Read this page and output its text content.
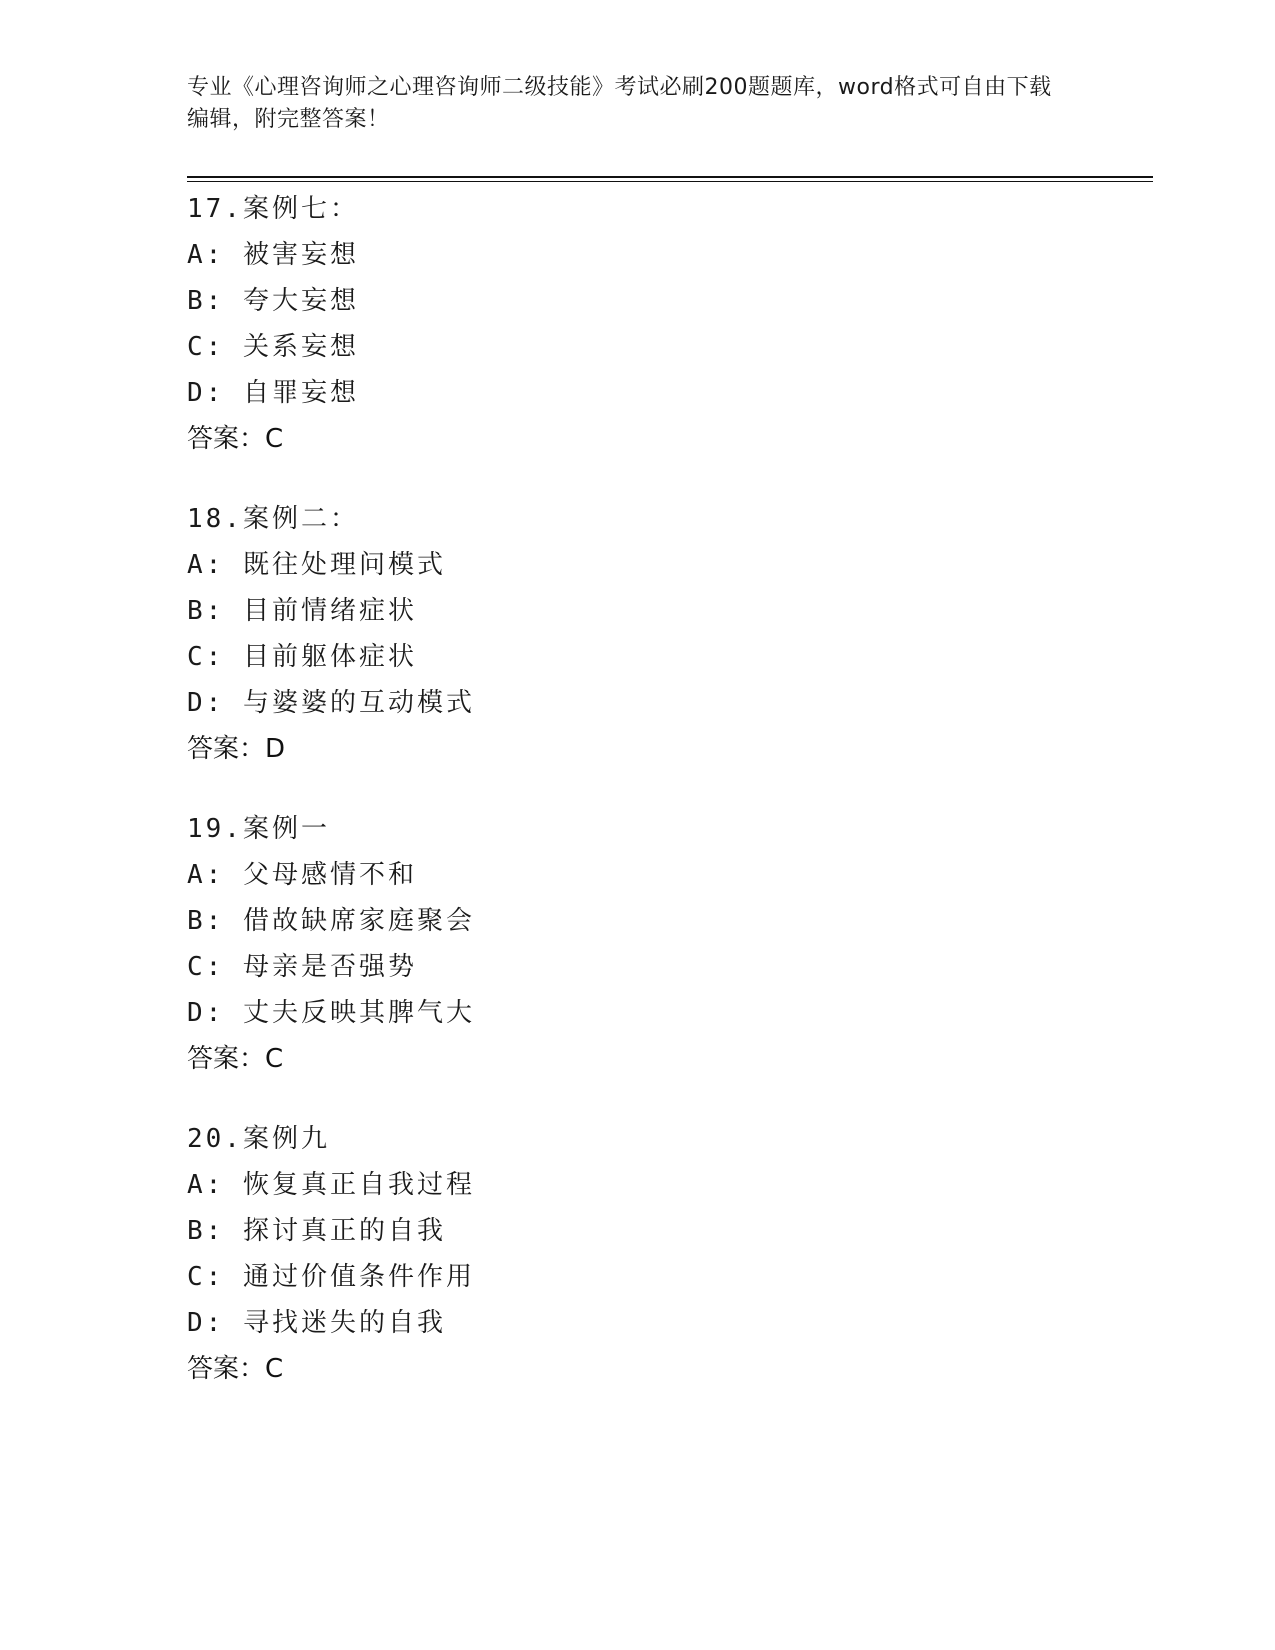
专业《心理咨询师之心理咨询师二级技能》考试必刷200题题库，word格式可自由下载编辑，附完整答案！
17.案例七：
A: 被害妄想
B: 夸大妄想
C: 关系妄想
D: 自罪妄想
答案：C
18.案例二：
A: 既往处理问模式
B: 目前情绪症状
C: 目前躯体症状
D: 与婆婆的互动模式
答案：D
19.案例一
A: 父母感情不和
B: 借故缺席家庭聚会
C: 母亲是否强势
D: 丈夫反映其脾气大
答案：C
20.案例九
A: 恢复真正自我过程
B: 探讨真正的自我
C: 通过价值条件作用
D: 寻找迷失的自我
答案：C
